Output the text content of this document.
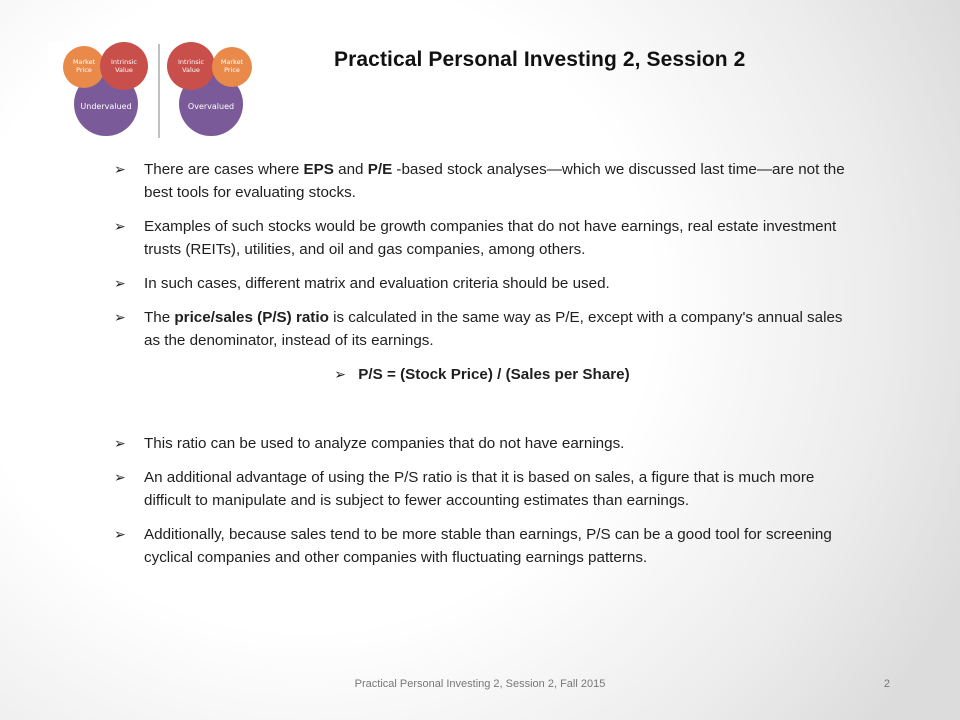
Market Price
Intrinsic Value
Undervalued
Intrinsic Value
Market Price
Overvalued
Practical Personal Investing 2, Session 2
➢	There are cases where EPS and P/E -based stock analyses—which we discussed last time—are not the best tools for evaluating stocks.
➢	Examples of such stocks would be growth companies that do not have earnings, real estate investment trusts (REITs), utilities, and oil and gas companies, among others.
➢	In such cases, different matrix and evaluation criteria should be used.
➢	The price/sales (P/S) ratio is calculated in the same way as P/E, except with a company's annual sales as the denominator, instead of its earnings.
➢ P/S = (Stock Price) / (Sales per Share)
➢	This ratio can be used to analyze companies that do not have earnings.
➢	An additional advantage of using the P/S ratio is that it is based on sales, a figure that is much more difficult to manipulate and is subject to fewer accounting estimates than earnings.
➢	Additionally, because sales tend to be more stable than earnings, P/S can be a good tool for screening cyclical companies and other companies with fluctuating earnings patterns.
Practical Personal Investing 2, Session 2, Fall 2015	2
